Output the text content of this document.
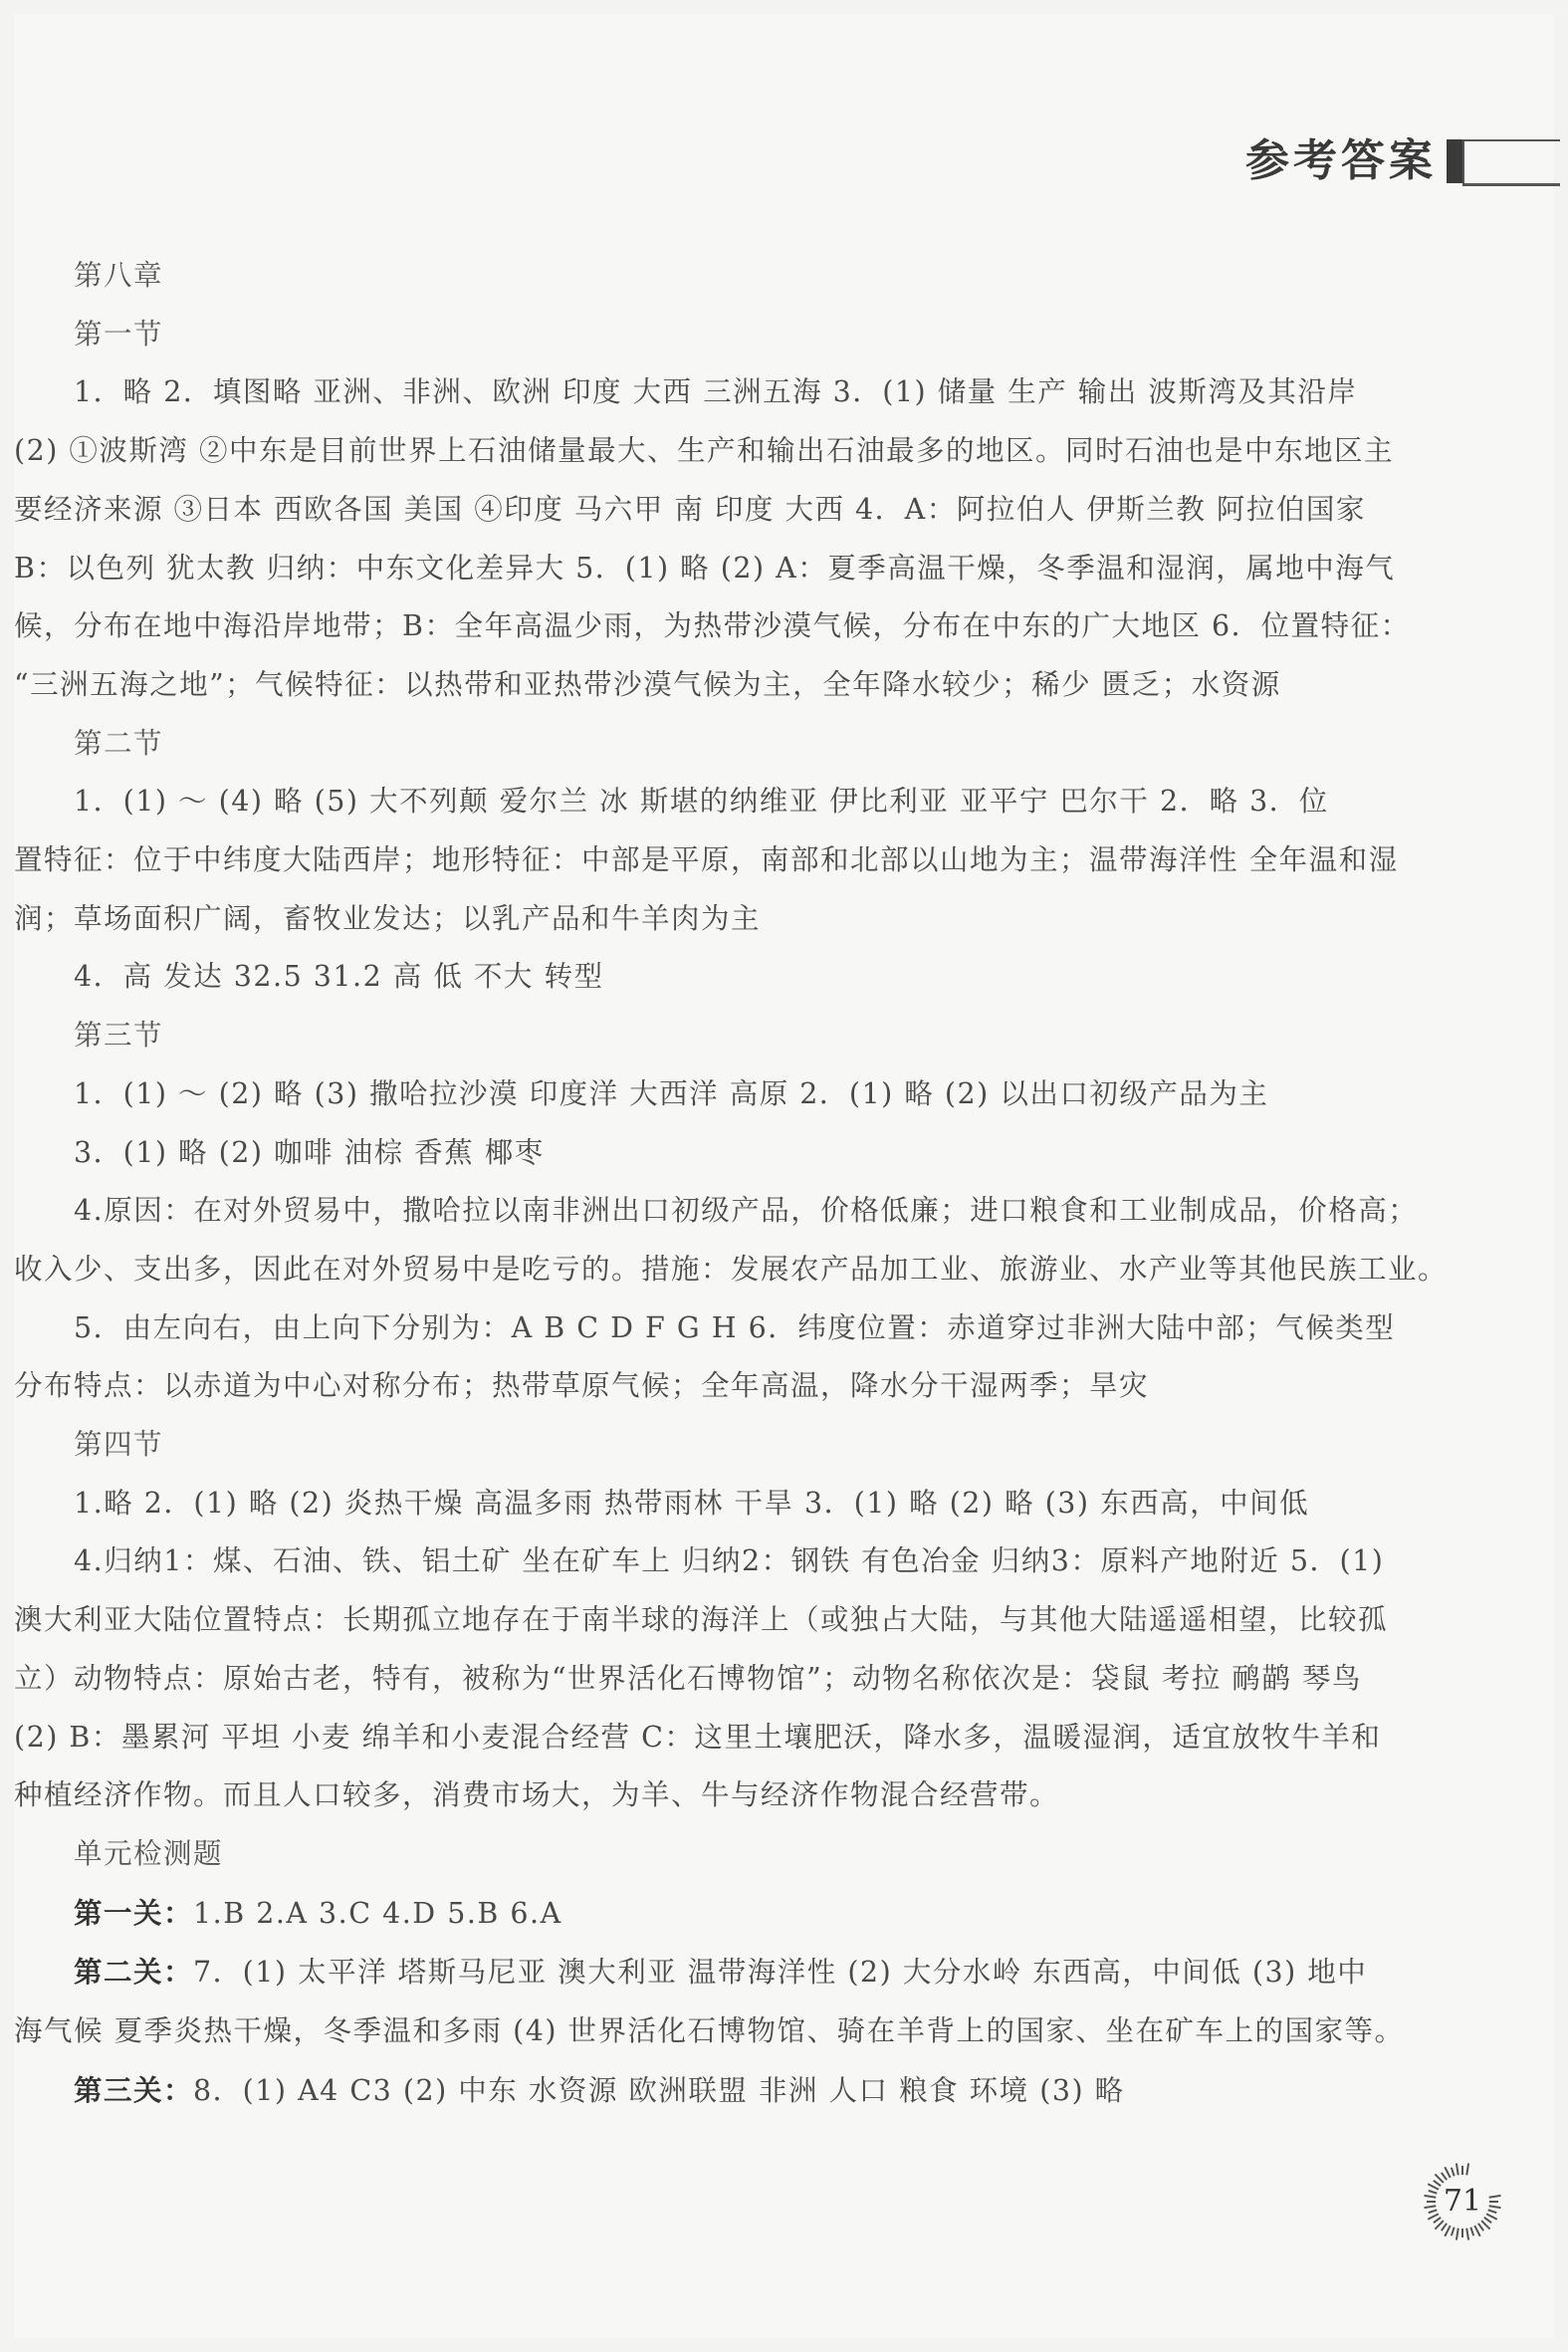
参考答案

第八章

第一节

1．略 2．填图略 亚洲、非洲、欧洲 印度 大西 三洲五海 3．(1) 储量 生产 输出 波斯湾及其沿岸

(2) ①波斯湾 ②中东是目前世界上石油储量最大、生产和输出石油最多的地区。同时石油也是中东地区主

要经济来源 ③日本 西欧各国 美国 ④印度 马六甲 南 印度 大西 4．A：阿拉伯人 伊斯兰教 阿拉伯国家

B：以色列 犹太教 归纳：中东文化差异大 5．(1) 略 (2) A：夏季高温干燥，冬季温和湿润，属地中海气

候，分布在地中海沿岸地带；B：全年高温少雨，为热带沙漠气候，分布在中东的广大地区 6．位置特征：

“三洲五海之地”；气候特征：以热带和亚热带沙漠气候为主，全年降水较少；稀少 匮乏；水资源

第二节

1．(1) ～ (4) 略 (5) 大不列颠 爱尔兰 冰 斯堪的纳维亚 伊比利亚 亚平宁 巴尔干 2．略 3．位

置特征：位于中纬度大陆西岸；地形特征：中部是平原，南部和北部以山地为主；温带海洋性 全年温和湿

润；草场面积广阔，畜牧业发达；以乳产品和牛羊肉为主

4．高 发达 32.5 31.2 高 低 不大 转型

第三节

1．(1) ～ (2) 略 (3) 撒哈拉沙漠 印度洋 大西洋 高原 2．(1) 略 (2) 以出口初级产品为主

3．(1) 略 (2) 咖啡 油棕 香蕉 椰枣

4.原因：在对外贸易中，撒哈拉以南非洲出口初级产品，价格低廉；进口粮食和工业制成品，价格高；

收入少、支出多，因此在对外贸易中是吃亏的。措施：发展农产品加工业、旅游业、水产业等其他民族工业。

5．由左向右，由上向下分别为：A B C D F G H 6．纬度位置：赤道穿过非洲大陆中部；气候类型

分布特点：以赤道为中心对称分布；热带草原气候；全年高温，降水分干湿两季；旱灾

第四节

1.略 2．(1) 略 (2) 炎热干燥 高温多雨 热带雨林 干旱 3．(1) 略 (2) 略 (3) 东西高，中间低

4.归纳1：煤、石油、铁、铝土矿 坐在矿车上 归纳2：钢铁 有色冶金 归纳3：原料产地附近 5．(1)

澳大利亚大陆位置特点：长期孤立地存在于南半球的海洋上（或独占大陆，与其他大陆遥遥相望，比较孤

立）动物特点：原始古老，特有，被称为“世界活化石博物馆”；动物名称依次是：袋鼠 考拉 鸸鹋 琴鸟

(2) B：墨累河 平坦 小麦 绵羊和小麦混合经营 C：这里土壤肥沃，降水多，温暖湿润，适宜放牧牛羊和

种植经济作物。而且人口较多，消费市场大，为羊、牛与经济作物混合经营带。

单元检测题

第一关：1.B 2.A 3.C 4.D 5.B 6.A

第二关：7．(1) 太平洋 塔斯马尼亚 澳大利亚 温带海洋性 (2) 大分水岭 东西高，中间低 (3) 地中

海气候 夏季炎热干燥，冬季温和多雨 (4) 世界活化石博物馆、骑在羊背上的国家、坐在矿车上的国家等。

第三关：8．(1) A4 C3 (2) 中东 水资源 欧洲联盟 非洲 人口 粮食 环境 (3) 略

71
